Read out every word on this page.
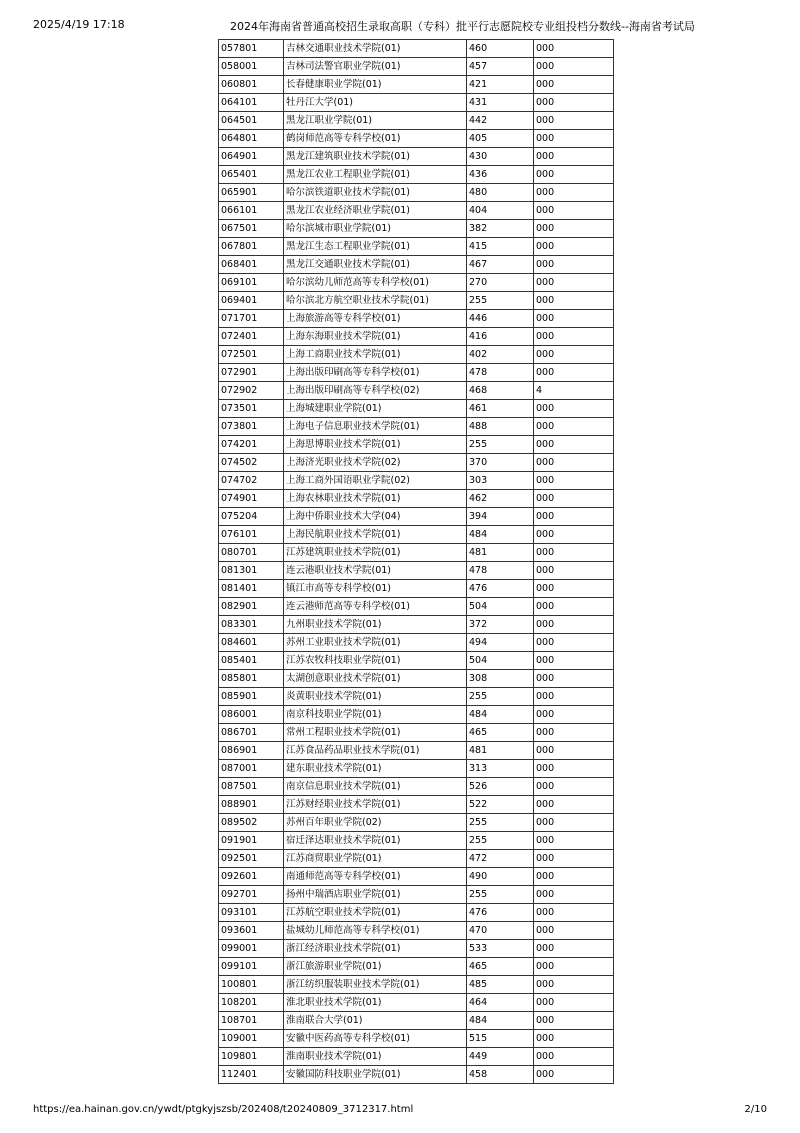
2025/4/19 17:18	2024年海南省普通高校招生录取高职（专科）批平行志愿院校专业组投档分数线--海南省考试局
057801	吉林交通职业技术学院(01)	460	000
058001	吉林司法警官职业学院(01)	457	000
060801	长春健康职业学院(01)	421	000
064101	牡丹江大学(01)	431	000
064501	黑龙江职业学院(01)	442	000
064801	鹤岗师范高等专科学校(01)	405	000
064901	黑龙江建筑职业技术学院(01)	430	000
065401	黑龙江农业工程职业学院(01)	436	000
065901	哈尔滨铁道职业技术学院(01)	480	000
066101	黑龙江农业经济职业学院(01)	404	000
067501	哈尔滨城市职业学院(01)	382	000
067801	黑龙江生态工程职业学院(01)	415	000
068401	黑龙江交通职业技术学院(01)	467	000
069101	哈尔滨幼儿师范高等专科学校(01)	270	000
069401	哈尔滨北方航空职业技术学院(01)	255	000
071701	上海旅游高等专科学校(01)	446	000
072401	上海东海职业技术学院(01)	416	000
072501	上海工商职业技术学院(01)	402	000
072901	上海出版印刷高等专科学校(01)	478	000
072902	上海出版印刷高等专科学校(02)	468	4
073501	上海城建职业学院(01)	461	000
073801	上海电子信息职业技术学院(01)	488	000
074201	上海思博职业技术学院(01)	255	000
074502	上海济光职业技术学院(02)	370	000
074702	上海工商外国语职业学院(02)	303	000
074901	上海农林职业技术学院(01)	462	000
075204	上海中侨职业技术大学(04)	394	000
076101	上海民航职业技术学院(01)	484	000
080701	江苏建筑职业技术学院(01)	481	000
081301	连云港职业技术学院(01)	478	000
081401	镇江市高等专科学校(01)	476	000
082901	连云港师范高等专科学校(01)	504	000
083301	九州职业技术学院(01)	372	000
084601	苏州工业职业技术学院(01)	494	000
085401	江苏农牧科技职业学院(01)	504	000
085801	太湖创意职业技术学院(01)	308	000
085901	炎黄职业技术学院(01)	255	000
086001	南京科技职业学院(01)	484	000
086701	常州工程职业技术学院(01)	465	000
086901	江苏食品药品职业技术学院(01)	481	000
087001	建东职业技术学院(01)	313	000
087501	南京信息职业技术学院(01)	526	000
088901	江苏财经职业技术学院(01)	522	000
089502	苏州百年职业学院(02)	255	000
091901	宿迁泽达职业技术学院(01)	255	000
092501	江苏商贸职业学院(01)	472	000
092601	南通师范高等专科学校(01)	490	000
092701	扬州中瑞酒店职业学院(01)	255	000
093101	江苏航空职业技术学院(01)	476	000
093601	盐城幼儿师范高等专科学校(01)	470	000
099001	浙江经济职业技术学院(01)	533	000
099101	浙江旅游职业学院(01)	465	000
100801	浙江纺织服装职业技术学院(01)	485	000
108201	淮北职业技术学院(01)	464	000
108701	淮南联合大学(01)	484	000
109001	安徽中医药高等专科学校(01)	515	000
109801	淮南职业技术学院(01)	449	000
112401	安徽国防科技职业学院(01)	458	000
https://ea.hainan.gov.cn/ywdt/ptgkyjszsb/202408/t20240809_3712317.html	2/10
